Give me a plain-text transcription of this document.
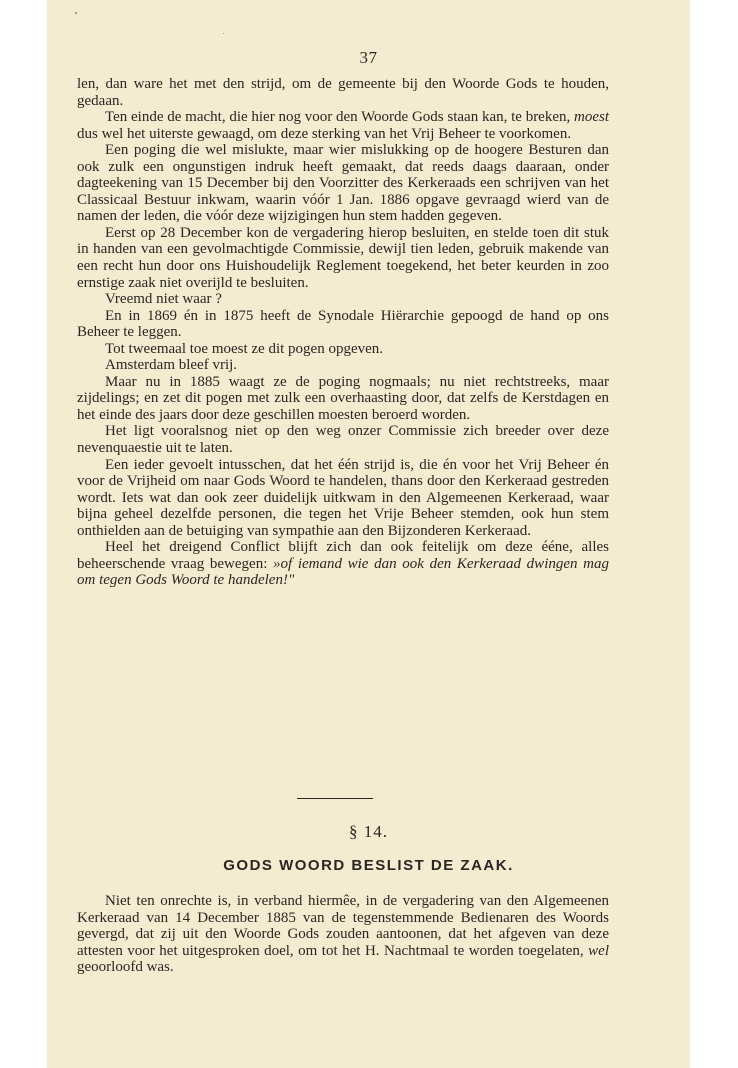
37

len, dan ware het met den strijd, om de gemeente bij den Woorde Gods te houden, gedaan.

Ten einde de macht, die hier nog voor den Woorde Gods staan kan, te breken, moest dus wel het uiterste gewaagd, om deze sterking van het Vrij Beheer te voorkomen.

Een poging die wel mislukte, maar wier mislukking op de hoogere Besturen dan ook zulk een ongunstigen indruk heeft gemaakt, dat reeds daags daaraan, onder dagteekening van 15 December bij den Voorzitter des Kerkeraads een schrijven van het Classicaal Bestuur inkwam, waarin vóór 1 Jan. 1886 opgave gevraagd wierd van de namen der leden, die vóór deze wijzigingen hun stem hadden gegeven.

Eerst op 28 December kon de vergadering hierop besluiten, en stelde toen dit stuk in handen van een gevolmachtigde Commissie, dewijl tien leden, gebruik makende van een recht hun door ons Huishoudelijk Reglement toegekend, het beter keurden in zoo ernstige zaak niet overijld te besluiten.

Vreemd niet waar ?

En in 1869 én in 1875 heeft de Synodale Hiërarchie gepoogd de hand op ons Beheer te leggen.

Tot tweemaal toe moest ze dit pogen opgeven.

Amsterdam bleef vrij.

Maar nu in 1885 waagt ze de poging nogmaals; nu niet rechtstreeks, maar zijdelings; en zet dit pogen met zulk een overhaasting door, dat zelfs de Kerstdagen en het einde des jaars door deze geschillen moesten beroerd worden.

Het ligt vooralsnog niet op den weg onzer Commissie zich breeder over deze nevenquaestie uit te laten.

Een ieder gevoelt intusschen, dat het één strijd is, die én voor het Vrij Beheer én voor de Vrijheid om naar Gods Woord te handelen, thans door den Kerkeraad gestreden wordt. Iets wat dan ook zeer duidelijk uitkwam in den Algemeenen Kerkeraad, waar bijna geheel dezelfde personen, die tegen het Vrije Beheer stemden, ook hun stem onthielden aan de betuiging van sympathie aan den Bijzonderen Kerkeraad.

Heel het dreigend Conflict blijft zich dan ook feitelijk om deze ééne, alles beheerschende vraag bewegen: »of iemand wie dan ook den Kerkeraad dwingen mag om tegen Gods Woord te handelen!"

§ 14.
GODS WOORD BESLIST DE ZAAK.

Niet ten onrechte is, in verband hiermêe, in de vergadering van den Algemeenen Kerkeraad van 14 December 1885 van de tegenstemmende Bedienaren des Woords gevergd, dat zij uit den Woorde Gods zouden aantoonen, dat het afgeven van deze attesten voor het uitgesproken doel, om tot het H. Nachtmaal te worden toegelaten, wel geoorloofd was.
